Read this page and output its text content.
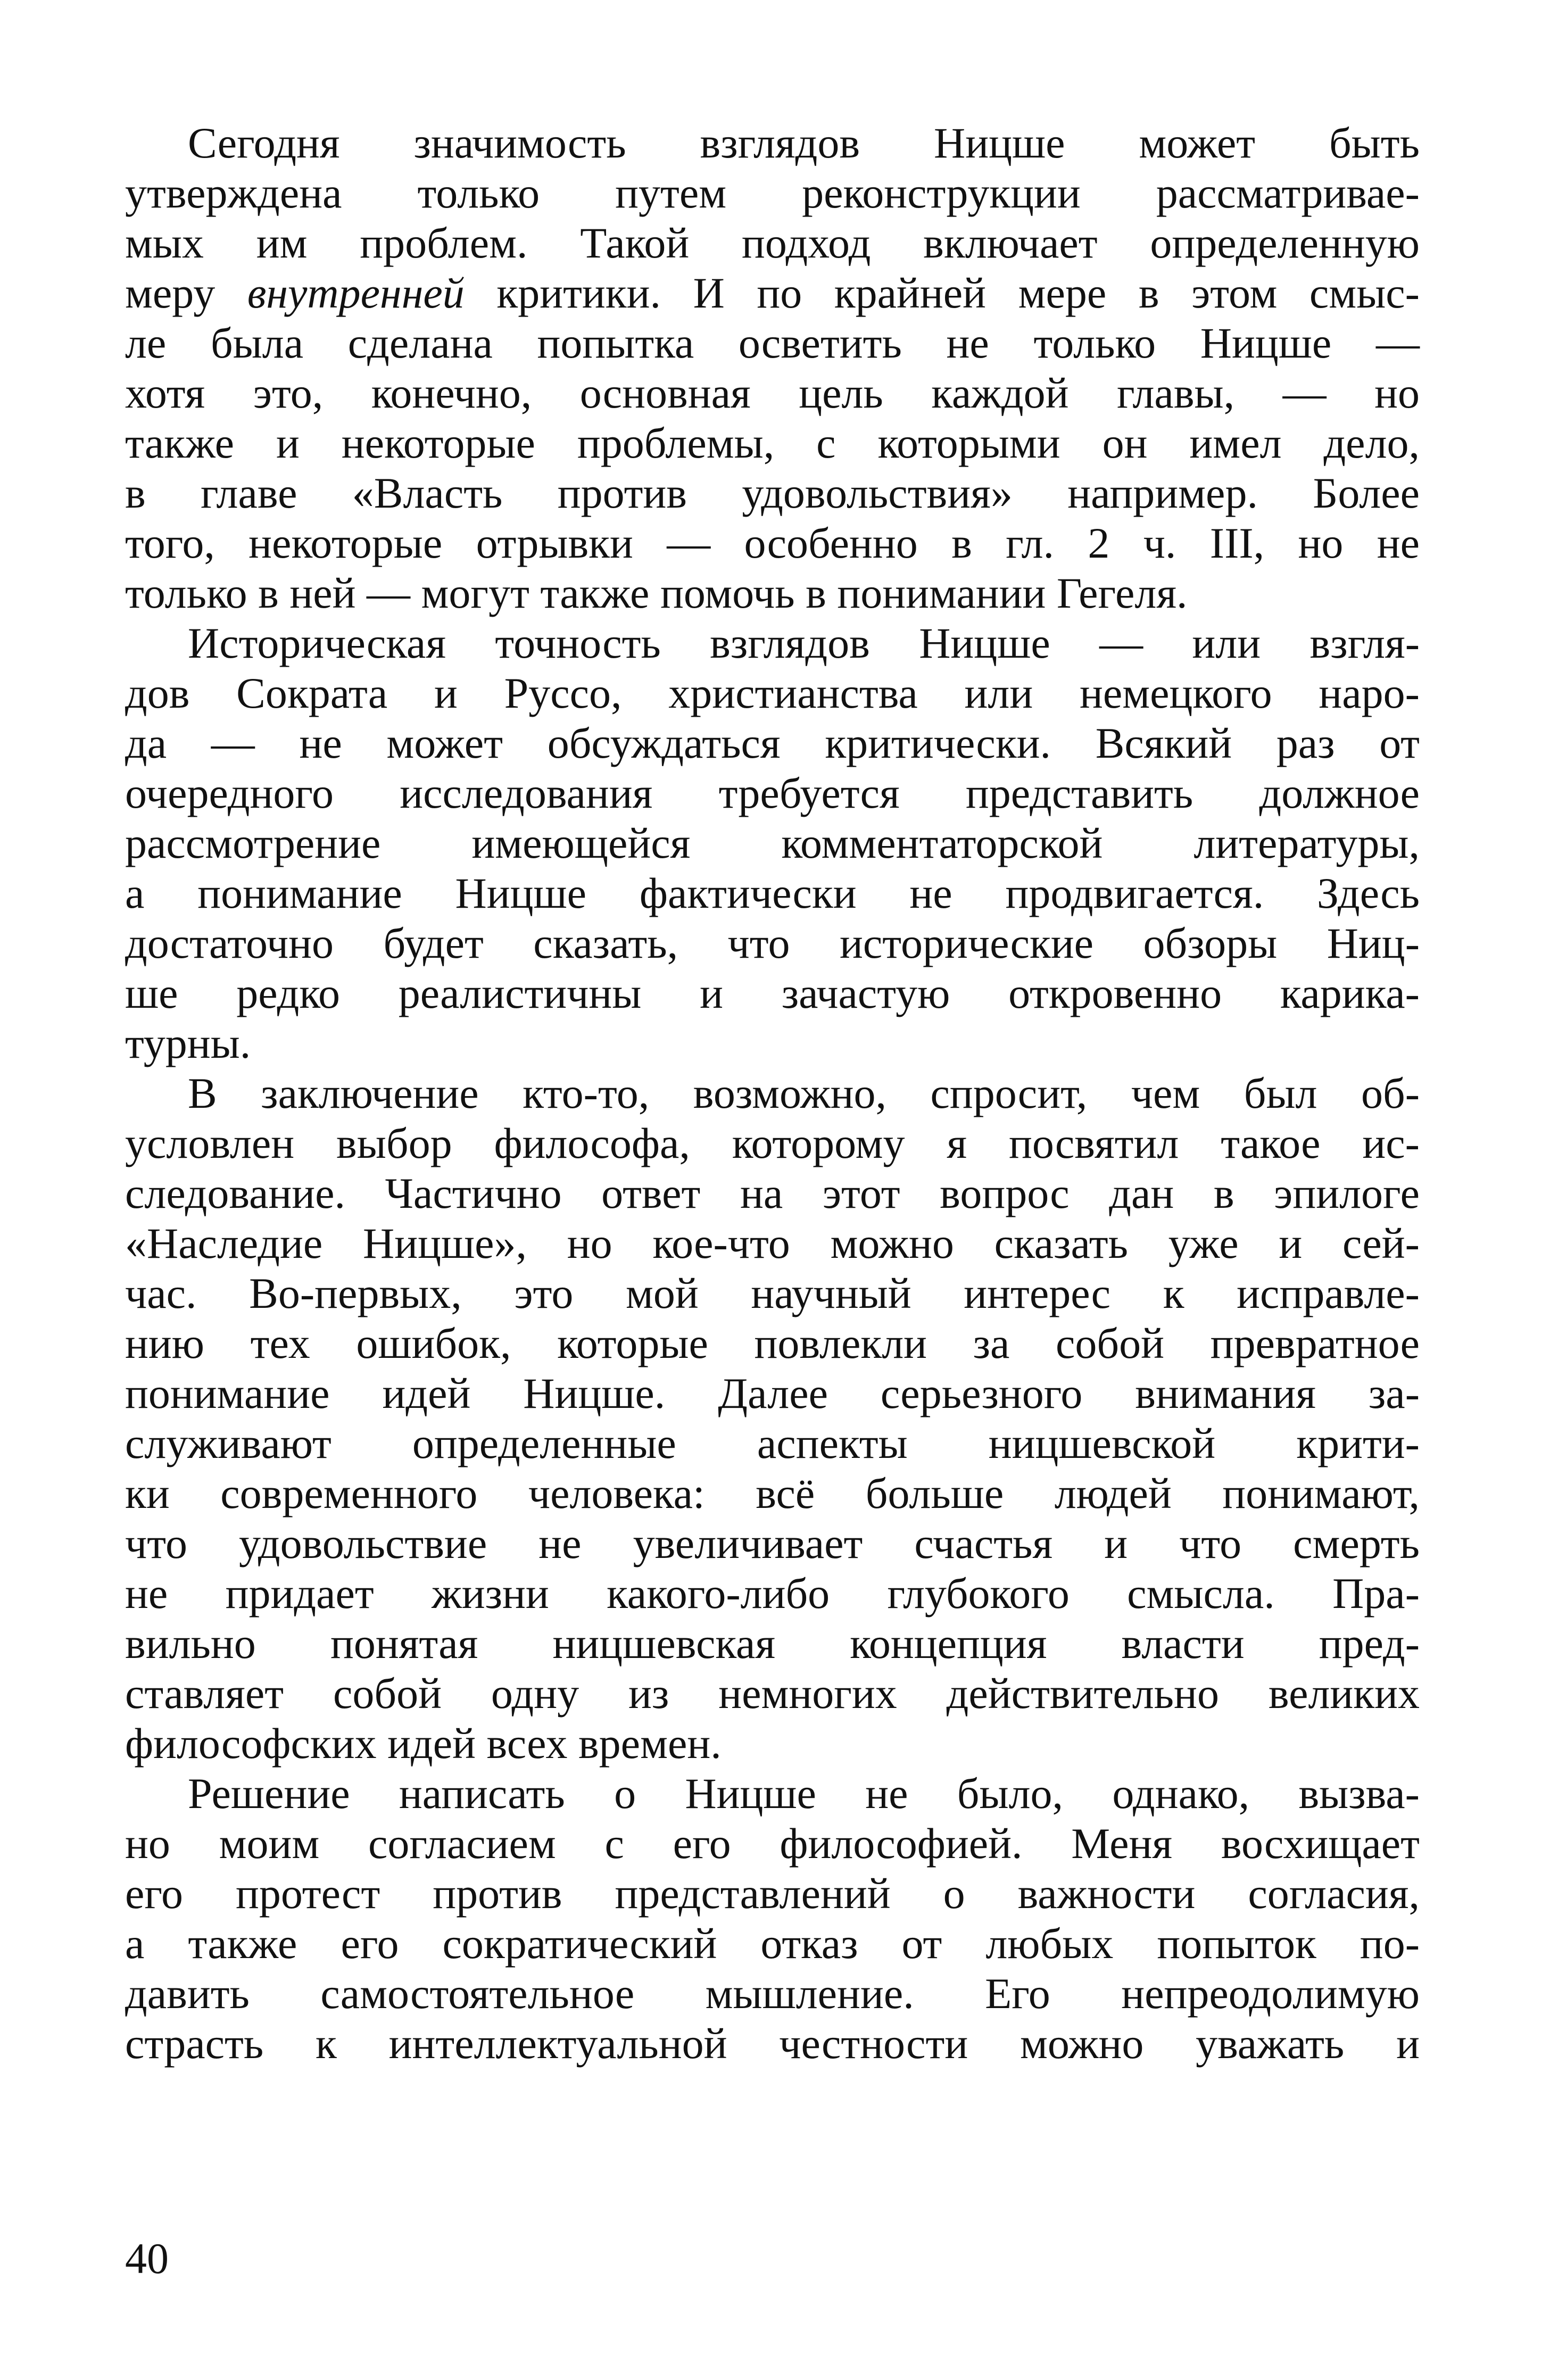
Сегодня значимость взглядов Ницше может быть
утверждена только путем реконструкции рассматривае-
мых им проблем. Такой подход включает определенную
меру внутренней критики. И по крайней мере в этом смыс-
ле была сделана попытка осветить не только Ницше —
хотя это, конечно, основная цель каждой главы, — но
также и некоторые проблемы, с которыми он имел дело,
в главе «Власть против удовольствия» например. Более
того, некоторые отрывки — особенно в гл. 2 ч. III, но не
только в ней — могут также помочь в понимании Гегеля.

Историческая точность взглядов Ницше — или взгля-
дов Сократа и Руссо, христианства или немецкого наро-
да — не может обсуждаться критически. Всякий раз от
очередного исследования требуется представить должное
рассмотрение имеющейся комментаторской литературы,
а понимание Ницше фактически не продвигается. Здесь
достаточно будет сказать, что исторические обзоры Ниц-
ше редко реалистичны и зачастую откровенно карика-
турны.

В заключение кто-то, возможно, спросит, чем был об-
условлен выбор философа, которому я посвятил такое ис-
следование. Частично ответ на этот вопрос дан в эпилоге
«Наследие Ницше», но кое-что можно сказать уже и сей-
час. Во-первых, это мой научный интерес к исправле-
нию тех ошибок, которые повлекли за собой превратное
понимание идей Ницше. Далее серьезного внимания за-
служивают определенные аспекты ницшевской крити-
ки современного человека: всё больше людей понимают,
что удовольствие не увеличивает счастья и что смерть
не придает жизни какого-либо глубокого смысла. Пра-
вильно понятая ницшевская концепция власти пред-
ставляет собой одну из немногих действительно великих
философских идей всех времен.

Решение написать о Ницше не было, однако, вызва-
но моим согласием с его философией. Меня восхищает
его протест против представлений о важности согласия,
а также его сократический отказ от любых попыток по-
давить самостоятельное мышление. Его непреодолимую
страсть к интеллектуальной честности можно уважать и

40
